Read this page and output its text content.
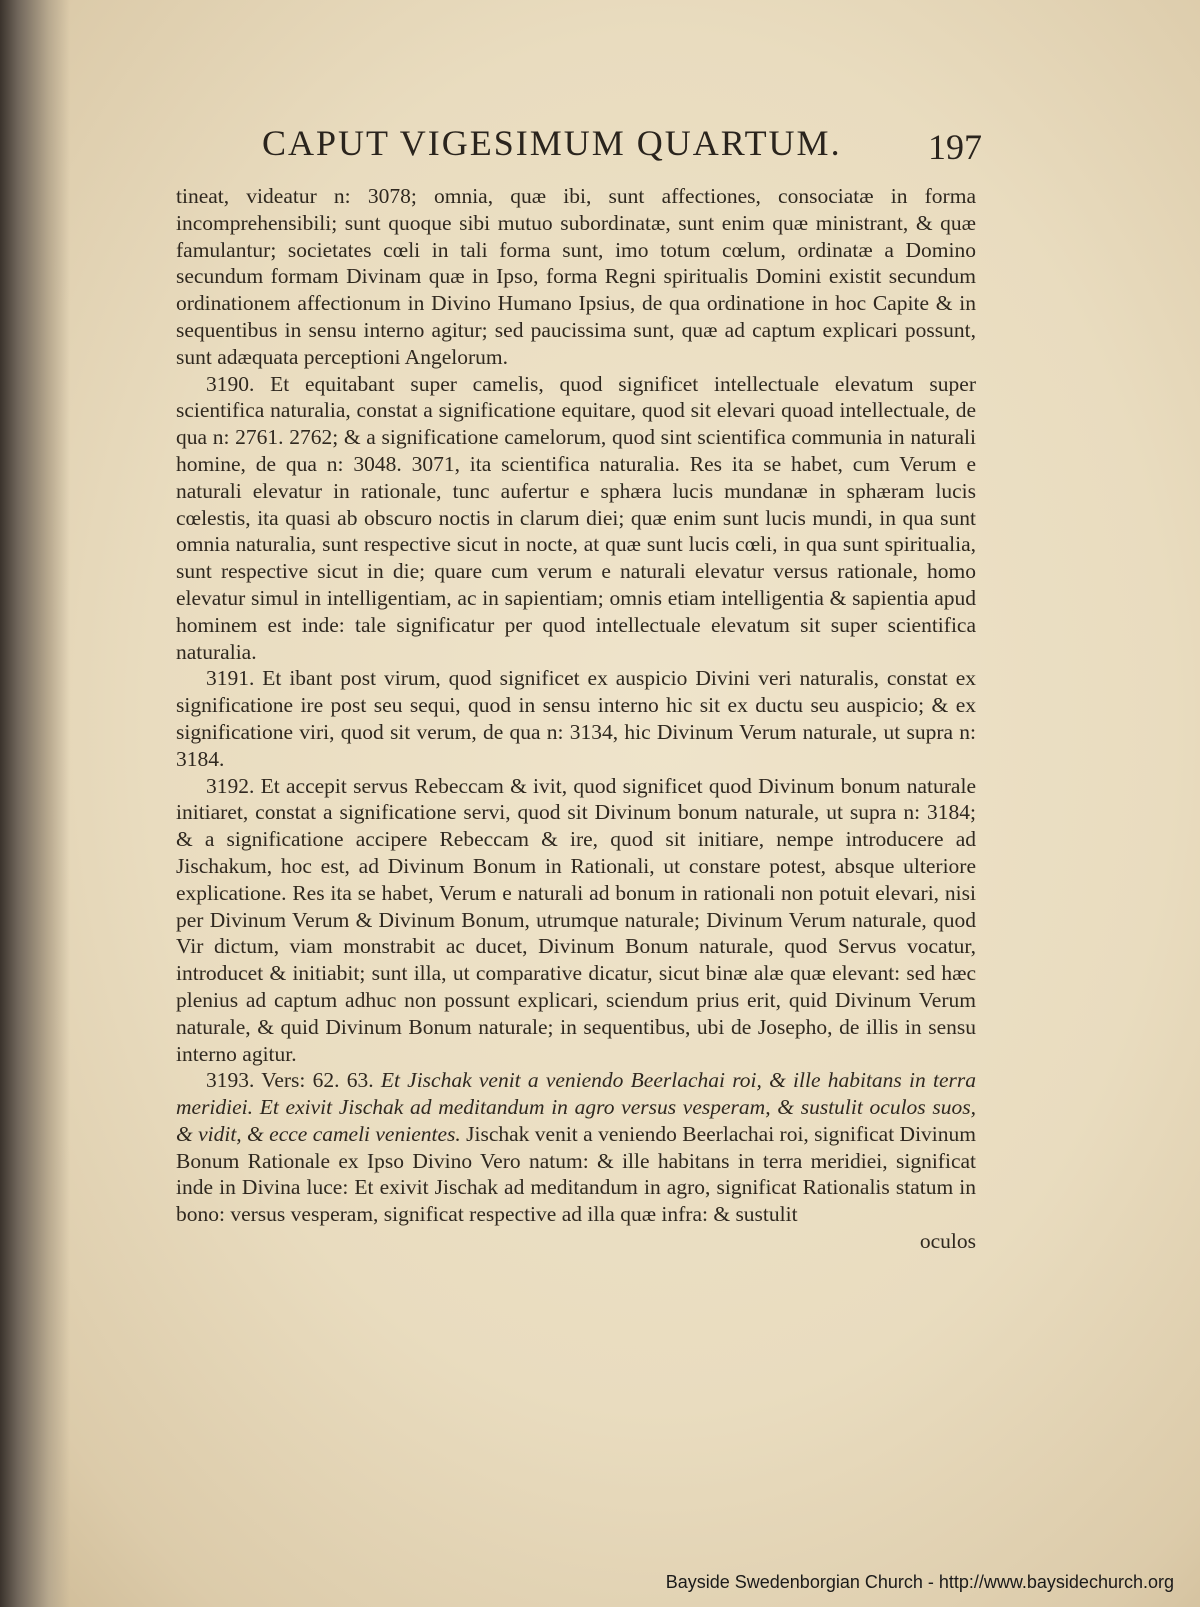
CAPUT VIGESIMUM QUARTUM. 197

tineat, videatur n: 3078; omnia, quæ ibi, sunt affectiones, consociatæ in forma incomprehensibili; sunt quoque sibi mutuo subordinatæ, sunt enim quæ ministrant, & quæ famulantur; societates cœli in tali forma sunt, imo totum cœlum, ordinatæ a Domino secundum formam Divinam quæ in Ipso, forma Regni spiritualis Domini existit secundum ordinationem affectionum in Divino Humano Ipsius, de qua ordinatione in hoc Capite & in sequentibus in sensu interno agitur; sed paucissima sunt, quæ ad captum explicari possunt, sunt adæquata perceptioni Angelorum.

3190. Et equitabant super camelis, quod significet intellectuale elevatum super scientifica naturalia, constat a significatione equitare, quod sit elevari quoad intellectuale, de qua n: 2761. 2762; & a significatione camelorum, quod sint scientifica communia in naturali homine, de qua n: 3048. 3071, ita scientifica naturalia. Res ita se habet, cum Verum e naturali elevatur in rationale, tunc aufertur e sphæra lucis mundanæ in sphæram lucis cœlestis, ita quasi ab obscuro noctis in clarum diei; quæ enim sunt lucis mundi, in qua sunt omnia naturalia, sunt respective sicut in nocte, at quæ sunt lucis cœli, in qua sunt spiritualia, sunt respective sicut in die; quare cum verum e naturali elevatur versus rationale, homo elevatur simul in intelligentiam, ac in sapientiam; omnis etiam intelligentia & sapientia apud hominem est inde: tale significatur per quod intellectuale elevatum sit super scientifica naturalia.

3191. Et ibant post virum, quod significet ex auspicio Divini veri naturalis, constat ex significatione ire post seu sequi, quod in sensu interno hic sit ex ductu seu auspicio; & ex significatione viri, quod sit verum, de qua n: 3134, hic Divinum Verum naturale, ut supra n: 3184.

3192. Et accepit servus Rebeccam & ivit, quod significet quod Divinum bonum naturale initiaret, constat a significatione servi, quod sit Divinum bonum naturale, ut supra n: 3184; & a significatione accipere Rebeccam & ire, quod sit initiare, nempe introducere ad Jischakum, hoc est, ad Divinum Bonum in Rationali, ut constare potest, absque ulteriore explicatione. Res ita se habet, Verum e naturali ad bonum in rationali non potuit elevari, nisi per Divinum Verum & Divinum Bonum, utrumque naturale; Divinum Verum naturale, quod Vir dictum, viam monstrabit ac ducet, Divinum Bonum naturale, quod Servus vocatur, introducet & initiabit; sunt illa, ut comparative dicatur, sicut binæ alæ quæ elevant: sed hæc plenius ad captum adhuc non possunt explicari, sciendum prius erit, quid Divinum Verum naturale, & quid Divinum Bonum naturale; in sequentibus, ubi de Josepho, de illis in sensu interno agitur.

3193. Vers: 62. 63. Et Jischak venit a veniendo Beerlachai roi, & ille habitans in terra meridiei. Et exivit Jischak ad meditandum in agro versus vesperam, & sustulit oculos suos, & vidit, & ecce cameli venientes. Jischak venit a veniendo Beerlachai roi, significat Divinum Bonum Rationale ex Ipso Divino Vero natum: & ille habitans in terra meridiei, significat inde in Divina luce: Et exivit Jischak ad meditandum in agro, significat Rationalis statum in bono: versus vesperam, significat respective ad illa quæ infra: & sustulit

oculos

Bayside Swedenborgian Church - http://www.baysidechurch.org
